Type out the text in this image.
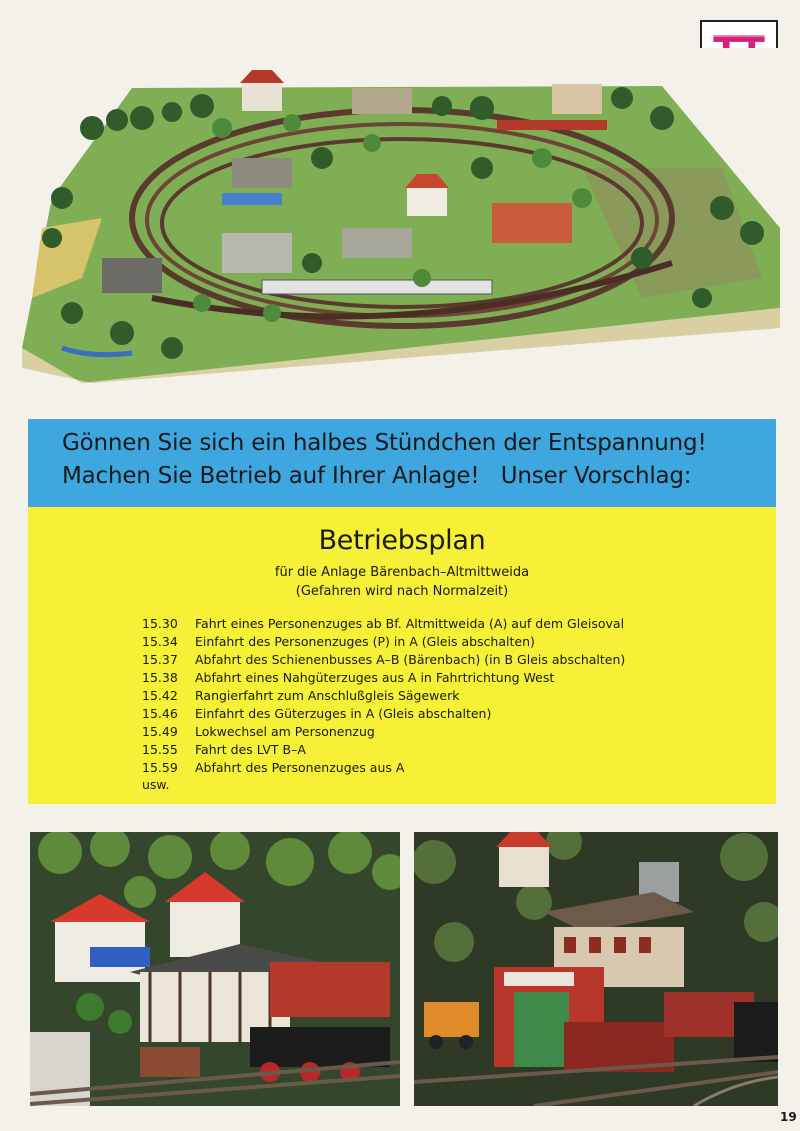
Gönnen Sie sich ein halbes Stündchen der Entspannung!
Machen Sie Betrieb auf Ihrer Anlage! Unser Vorschlag:
Betriebsplan
für die Anlage Bärenbach–Altmittweida
(Gefahren wird nach Normalzeit)
15.30	Fahrt eines Personenzuges ab Bf. Altmittweida (A) auf dem Gleisoval
15.34	Einfahrt des Personenzuges (P) in A (Gleis abschalten)
15.37	Abfahrt des Schienenbusses A–B (Bärenbach) (in B Gleis abschalten)
15.38	Abfahrt eines Nahgüterzuges aus A in Fahrtrichtung West
15.42	Rangierfahrt zum Anschlußgleis Sägewerk
15.46	Einfahrt des Güterzuges in A (Gleis abschalten)
15.49	Lokwechsel am Personenzug
15.55	Fahrt des LVT B–A
15.59	Abfahrt des Personenzuges aus A
usw.
19
